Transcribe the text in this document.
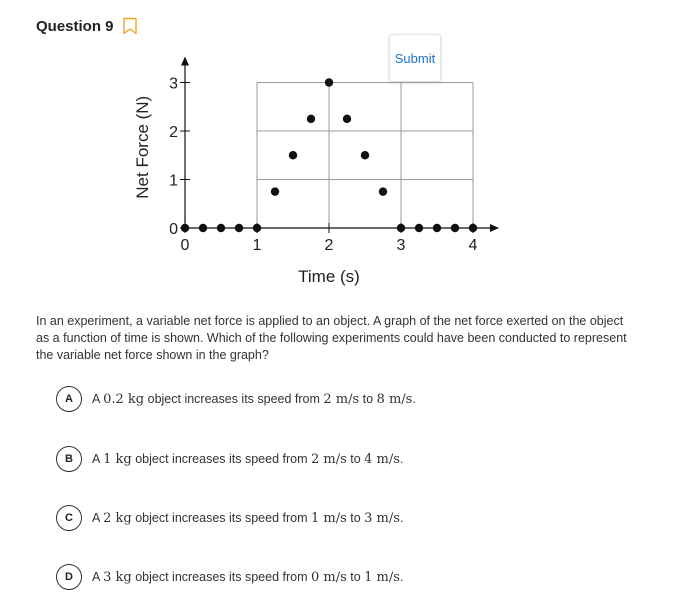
Question 9
Submit
0	1	2	3	4
0
1
2
3
Time (s)
Net Force (N)
In an experiment, a variable net force is applied to an object. A graph of the net force exerted on the object as a function of time is shown. Which of the following experiments could have been conducted to represent the variable net force shown in the graph?
A	A 0.2 kg object increases its speed from 2 m/s to 8 m/s.
B	A 1 kg object increases its speed from 2 m/s to 4 m/s.
C	A 2 kg object increases its speed from 1 m/s to 3 m/s.
D	A 3 kg object increases its speed from 0 m/s to 1 m/s.
